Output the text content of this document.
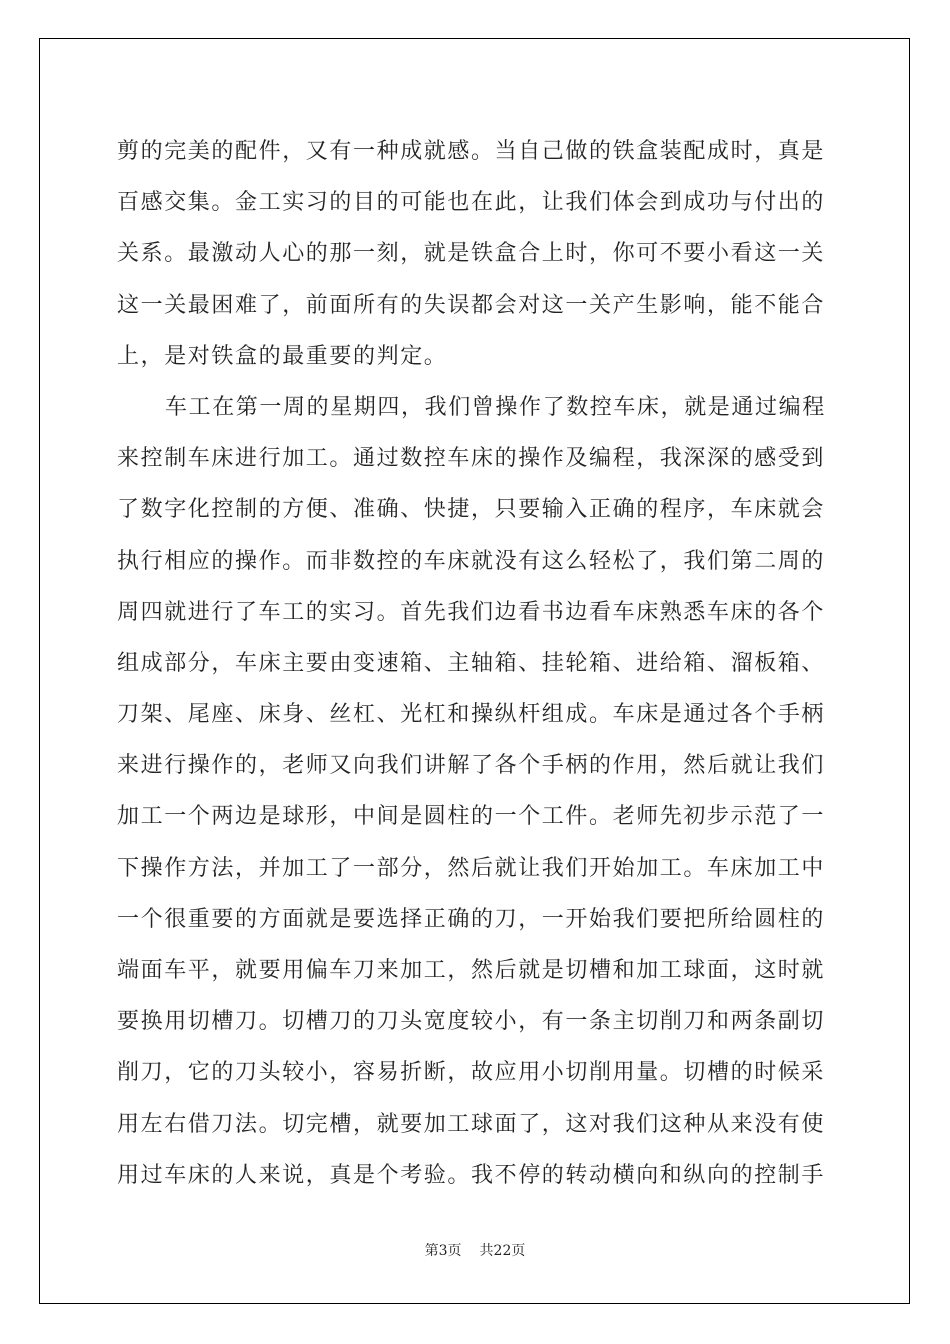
剪的完美的配件，又有一种成就感。当自己做的铁盒装配成时，真是
百感交集。金工实习的目的可能也在此，让我们体会到成功与付出的
关系。最激动人心的那一刻，就是铁盒合上时，你可不要小看这一关
这一关最困难了，前面所有的失误都会对这一关产生影响，能不能合
上，是对铁盒的最重要的判定。
车工在第一周的星期四，我们曾操作了数控车床，就是通过编程
来控制车床进行加工。通过数控车床的操作及编程，我深深的感受到
了数字化控制的方便、准确、快捷，只要输入正确的程序，车床就会
执行相应的操作。而非数控的车床就没有这么轻松了，我们第二周的
周四就进行了车工的实习。首先我们边看书边看车床熟悉车床的各个
组成部分，车床主要由变速箱、主轴箱、挂轮箱、进给箱、溜板箱、
刀架、尾座、床身、丝杠、光杠和操纵杆组成。车床是通过各个手柄
来进行操作的，老师又向我们讲解了各个手柄的作用，然后就让我们
加工一个两边是球形，中间是圆柱的一个工件。老师先初步示范了一
下操作方法，并加工了一部分，然后就让我们开始加工。车床加工中
一个很重要的方面就是要选择正确的刀，一开始我们要把所给圆柱的
端面车平，就要用偏车刀来加工，然后就是切槽和加工球面，这时就
要换用切槽刀。切槽刀的刀头宽度较小，有一条主切削刀和两条副切
削刀，它的刀头较小，容易折断，故应用小切削用量。切槽的时候采
用左右借刀法。切完槽，就要加工球面了，这对我们这种从来没有使
用过车床的人来说，真是个考验。我不停的转动横向和纵向的控制手
第3页 共22页
